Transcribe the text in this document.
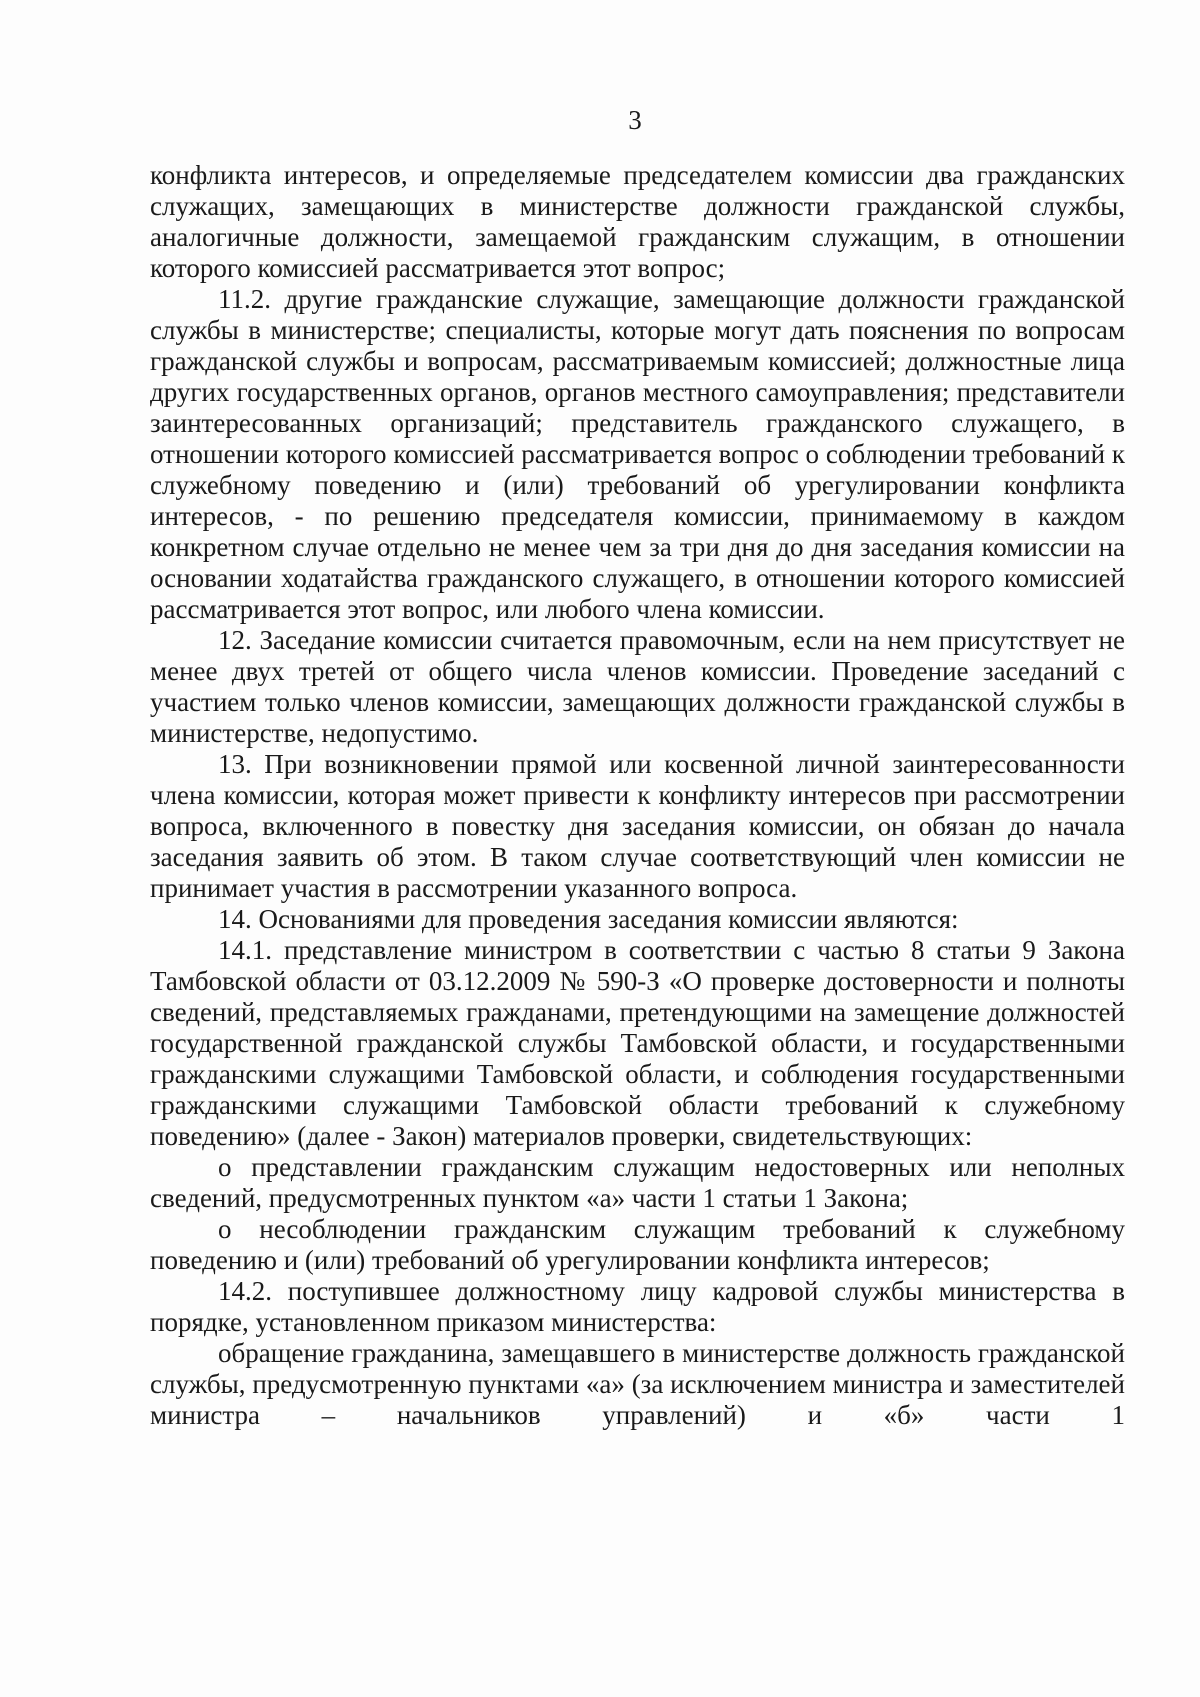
3

конфликта интересов, и определяемые председателем комиссии два гражданских служащих, замещающих в министерстве должности гражданской службы, аналогичные должности, замещаемой гражданским служащим, в отношении которого комиссией рассматривается этот вопрос;

11.2. другие гражданские служащие, замещающие должности гражданской службы в министерстве; специалисты, которые могут дать пояснения по вопросам гражданской службы и вопросам, рассматриваемым комиссией; должностные лица других государственных органов, органов местного самоуправления; представители заинтересованных организаций; представитель гражданского служащего, в отношении которого комиссией рассматривается вопрос о соблюдении требований к служебному поведению и (или) требований об урегулировании конфликта интересов, - по решению председателя комиссии, принимаемому в каждом конкретном случае отдельно не менее чем за три дня до дня заседания комиссии на основании ходатайства гражданского служащего, в отношении которого комиссией рассматривается этот вопрос, или любого члена комиссии.

12. Заседание комиссии считается правомочным, если на нем присутствует не менее двух третей от общего числа членов комиссии. Проведение заседаний с участием только членов комиссии, замещающих должности гражданской службы в министерстве, недопустимо.

13. При возникновении прямой или косвенной личной заинтересованности члена комиссии, которая может привести к конфликту интересов при рассмотрении вопроса, включенного в повестку дня заседания комиссии, он обязан до начала заседания заявить об этом. В таком случае соответствующий член комиссии не принимает участия в рассмотрении указанного вопроса.

14. Основаниями для проведения заседания комиссии являются:

14.1. представление министром в соответствии с частью 8 статьи 9 Закона Тамбовской области от 03.12.2009 № 590-З «О проверке достоверности и полноты сведений, представляемых гражданами, претендующими на замещение должностей государственной гражданской службы Тамбовской области, и государственными гражданскими служащими Тамбовской области, и соблюдения государственными гражданскими служащими Тамбовской области требований к служебному поведению» (далее - Закон) материалов проверки, свидетельствующих:

о представлении гражданским служащим недостоверных или неполных сведений, предусмотренных пунктом «а» части 1 статьи 1 Закона;

о несоблюдении гражданским служащим требований к служебному поведению и (или) требований об урегулировании конфликта интересов;

14.2. поступившее должностному лицу кадровой службы министерства в порядке, установленном приказом министерства:

обращение гражданина, замещавшего в министерстве должность гражданской службы, предусмотренную пунктами «а» (за исключением министра и заместителей министра – начальников управлений) и «б» части 1
